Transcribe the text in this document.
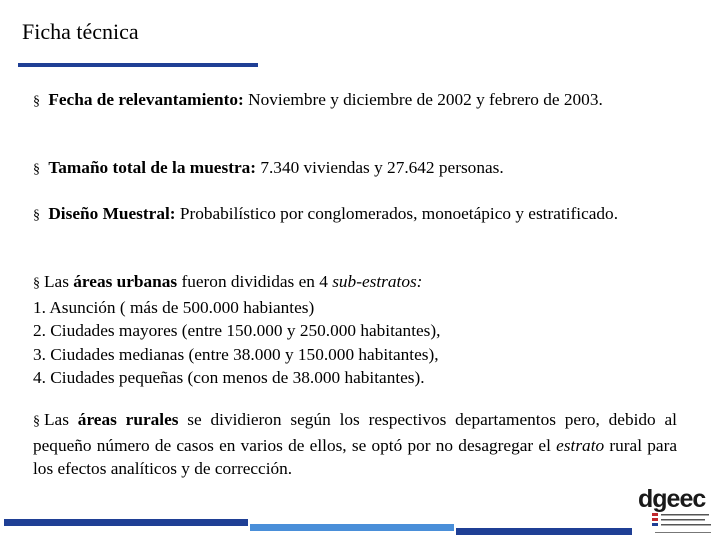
Ficha técnica
§ Fecha de relevantamiento: Noviembre y diciembre de 2002 y febrero de 2003.
§ Tamaño total de la muestra: 7.340 viviendas y 27.642 personas.
§ Diseño Muestral: Probabilístico por conglomerados, monoetápico y estratificado.
§ Las áreas urbanas fueron divididas en 4 sub-estratos:
1. Asunción ( más de 500.000 habiantes)
2. Ciudades mayores (entre 150.000 y 250.000 habitantes),
3. Ciudades medianas (entre 38.000 y 150.000 habitantes),
4. Ciudades pequeñas (con menos de 38.000 habitantes).
§ Las áreas rurales se dividieron según los respectivos departamentos pero, debido al pequeño número de casos en varios de ellos, se optó por no desagregar el estrato rural para los efectos analíticos y de corrección.
dgeec
